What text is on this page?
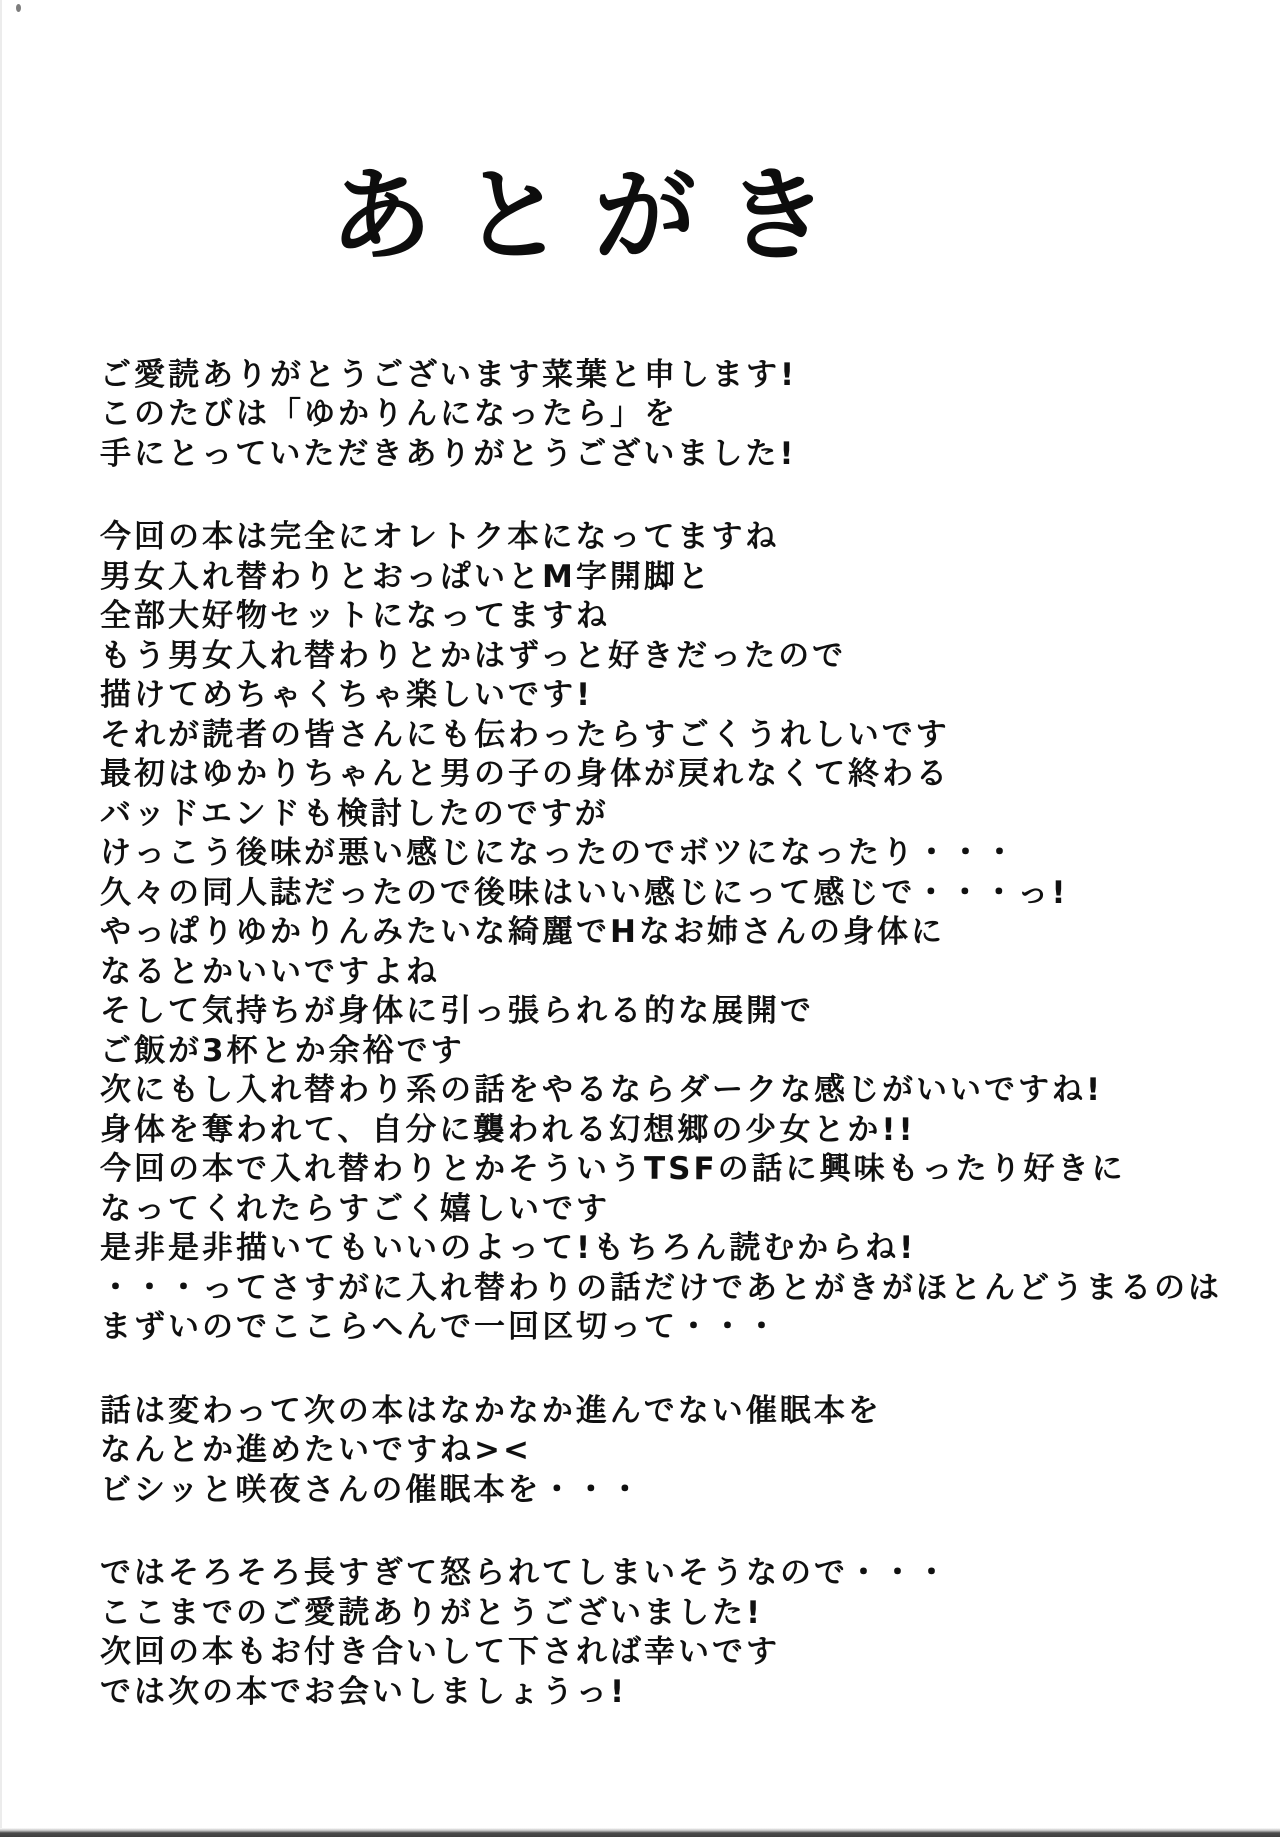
あとがき
ご愛読ありがとうございます菜葉と申します!
このたびは「ゆかりんになったら」を
手にとっていただきありがとうございました!
今回の本は完全にオレトク本になってますね
男女入れ替わりとおっぱいとM字開脚と
全部大好物セットになってますね
もう男女入れ替わりとかはずっと好きだったので
描けてめちゃくちゃ楽しいです!
それが読者の皆さんにも伝わったらすごくうれしいです
最初はゆかりちゃんと男の子の身体が戻れなくて終わる
バッドエンドも検討したのですが
けっこう後味が悪い感じになったのでボツになったり・・・
久々の同人誌だったので後味はいい感じにって感じで・・・っ!
やっぱりゆかりんみたいな綺麗でHなお姉さんの身体に
なるとかいいですよね
そして気持ちが身体に引っ張られる的な展開で
ご飯が3杯とか余裕です
次にもし入れ替わり系の話をやるならダークな感じがいいですね!
身体を奪われて、自分に襲われる幻想郷の少女とか!!
今回の本で入れ替わりとかそういうTSFの話に興味もったり好きに
なってくれたらすごく嬉しいです
是非是非描いてもいいのよって!もちろん読むからね!
・・・ってさすがに入れ替わりの話だけであとがきがほとんどうまるのは
まずいのでここらへんで一回区切って・・・
話は変わって次の本はなかなか進んでない催眠本を
なんとか進めたいですね><
ビシッと咲夜さんの催眠本を・・・
ではそろそろ長すぎて怒られてしまいそうなので・・・
ここまでのご愛読ありがとうございました!
次回の本もお付き合いして下されば幸いです
では次の本でお会いしましょうっ!
